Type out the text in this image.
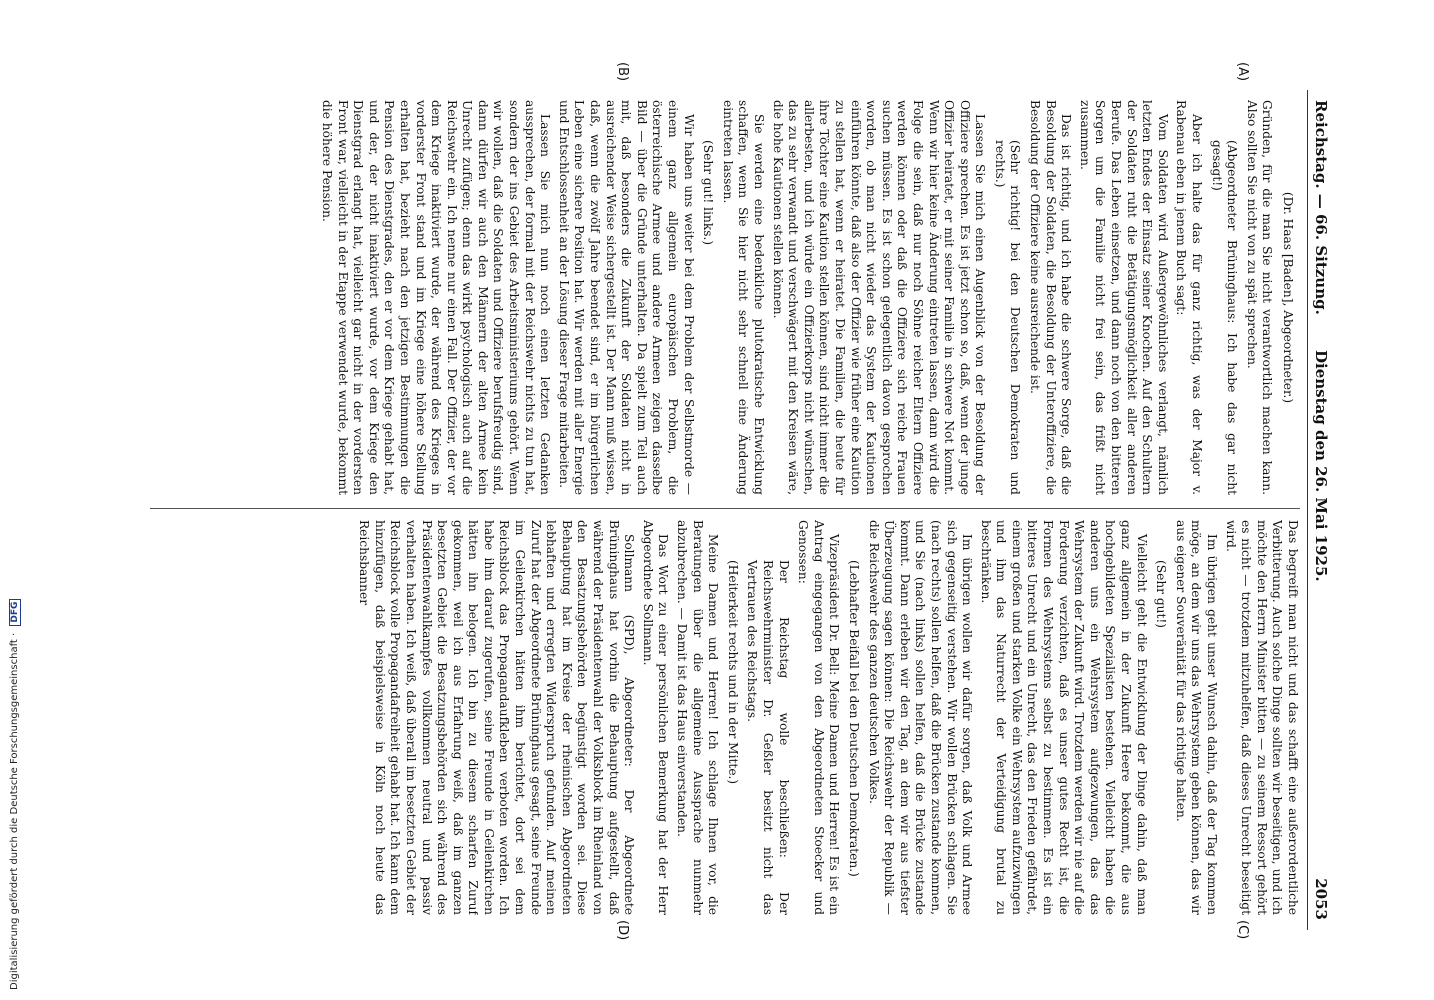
Digitalisierung gefördert durch die Deutsche Forschungsgemeinschaft · DFG
Reichstag. — 66. Sitzung.
Dienstag den 26. Mai 1925.
2053

(Dr. Haas [Baden], Abgeordneter.)

Gründen, für die man Sie nicht verantwortlich machen kann. Also sollten Sie nicht von zu spät sprechen.

(Abgeordneter Brüninghaus: Ich habe das gar nicht gesagt!)

Aber ich halte das für ganz richtig, was der Major v. Rabenau eben in jenem Buch sagt:

Vom Soldaten wird Außergewöhnliches verlangt, nämlich letzten Endes der Einsatz seiner Knochen. Auf den Schultern der Soldaten ruht die Betätigungsmöglichkeit aller anderen Berufe. Das Leben einsetzen, und dann noch von den bitteren Sorgen um die Familie nicht frei sein, das frißt nicht zusammen.

Das ist richtig, und ich habe die schwere Sorge, daß die Besoldung der Soldaten, die Besoldung der Unteroffiziere, die Besoldung der Offiziere keine ausreichende ist.

(Sehr richtig! bei den Deutschen Demokraten und rechts.)

Lassen Sie mich einen Augenblick von der Besoldung der Offiziere sprechen. Es ist jetzt schon so, daß, wenn der junge Offizier heiratet, er mit seiner Familie in schwere Not kommt. Wenn wir hier keine Änderung eintreten lassen, dann wird die Folge die sein, daß nur noch Söhne reicher Eltern Offiziere werden können oder daß die Offiziere sich reiche Frauen suchen müssen. Es ist schon gelegentlich davon gesprochen worden, ob man nicht wieder das System der Kautionen einführen könnte, daß also der Offizier wie früher eine Kaution zu stellen hat, wenn er heiratet. Die Familien, die heute für ihre Töchter eine Kaution stellen können, sind nicht immer die allerbesten, und ich würde ein Offizierkorps nicht wünschen, das zu sehr verwandt und verschwägert mit den Kreisen wäre, die hohe Kautionen stellen können.

Sie werden eine bedenkliche plutokratische Entwicklung schaffen, wenn Sie hier nicht sehr schnell eine Änderung eintreten lassen.

(Sehr gut! links.)

Wir haben uns weiter bei dem Problem der Selbstmorde — einem ganz allgemein europäischen Problem, die österreichische Armee und andere Armeen zeigen dasselbe Bild — über die Gründe unterhalten. Da spielt zum Teil auch mit, daß besonders die Zukunft der Soldaten nicht in ausreichender Weise sichergestellt ist. Der Mann muß wissen, daß, wenn die zwölf Jahre beendet sind, er im bürgerlichen Leben eine sichere Position hat. Wir werden mit aller Energie und Entschlossenheit an der Lösung dieser Frage mitarbeiten.

Lassen Sie mich nun noch einen letzten Gedanken aussprechen, der formal mit der Reichswehr nichts zu tun hat, sondern der ins Gebiet des Arbeitsministeriums gehört. Wenn wir wollen, daß die Soldaten und Offiziere berufsfreudig sind, dann dürfen wir auch den Männern der alten Armee kein Unrecht zufügen; denn das wirkt psychologisch auch auf die Reichswehr ein. Ich nenne nur einen Fall. Der Offizier, der vor dem Kriege inaktiviert wurde, der während des Krieges in vorderster Front stand und im Kriege eine höhere Stellung erhalten hat, bezieht nach den jetzigen Bestimmungen die Pension des Dienstgrades, den er vor dem Kriege gehabt hat, und der, der nicht inaktiviert wurde, vor dem Kriege den Dienstgrad erlangt hat, vielleicht gar nicht in der vordersten Front war, vielleicht in der Etappe verwendet wurde, bekommt die höhere Pension.

Das begreift man nicht und das schafft eine außerordentliche Verbitterung. Auch solche Dinge sollten wir beseitigen, und ich möchte den Herrn Minister bitten — zu seinem Ressort gehört es nicht — trotzdem mitzuhelfen, daß dieses Unrecht beseitigt wird.

Im übrigen geht unser Wunsch dahin, daß der Tag kommen möge, an dem wir uns das Wehrsystem geben können, das wir aus eigener Souveränität für das richtige halten.

(Sehr gut!)

Vielleicht geht die Entwicklung der Dinge dahin, daß man ganz allgemein in der Zukunft Heere bekommt, die aus hochgebildeten Spezialisten bestehen. Vielleicht haben die anderen uns ein Wehrsystem aufgezwungen, das das Wehrsystem der Zukunft wird. Trotzdem werden wir nie auf die Forderung verzichten, daß es unser gutes Recht ist, die Formen des Wehrsystems selbst zu bestimmen. Es ist ein bitteres Unrecht und ein Unrecht, das den Frieden gefährdet, einem großen und starken Volke ein Wehrsystem aufzuzwingen und ihm das Naturrecht der Verteidigung brutal zu beschränken.

Im übrigen wollen wir dafür sorgen, daß Volk und Armee sich gegenseitig verstehen. Wir wollen Brücken schlagen. Sie (nach rechts) sollen helfen, daß die Brücken zustande kommen, und Sie (nach links) sollen helfen, daß die Brücke zustande kommt. Dann erleben wir den Tag, an dem wir aus tiefster Überzeugung sagen können: Die Reichswehr der Republik — die Reichswehr des ganzen deutschen Volkes.

(Lebhafter Beifall bei den Deutschen Demokraten.)

Vizepräsident Dr. Bell: Meine Damen und Herren! Es ist ein Antrag eingegangen von den Abgeordneten Stoecker und Genossen:

Der Reichstag wolle beschließen: Der Reichswehrminister Dr. Geßler besitzt nicht das Vertrauen des Reichstags.

(Heiterkeit rechts und in der Mitte.)

Meine Damen und Herren! Ich schlage Ihnen vor, die Beratungen über die allgemeine Aussprache nunmehr abzubrechen. — Damit ist das Haus einverstanden.

Das Wort zu einer persönlichen Bemerkung hat der Herr Abgeordnete Sollmann.

Sollmann (SPD), Abgeordneter: Der Abgeordnete Brüninghaus hat vorhin die Behauptung aufgestellt, daß während der Präsidentenwahl der Volksblock im Rheinland von den Besatzungsbehörden begünstigt worden sei. Diese Behauptung hat im Kreise der rheinischen Abgeordneten lebhaften und erregten Widerspruch gefunden. Auf meinen Zuruf hat der Abgeordnete Brüninghaus gesagt, seine Freunde im Geilenkirchen hätten ihm berichtet, dort sei dem Reichsblock das Propagandaufkleben verboten worden. Ich habe ihm darauf zugerufen, seine Freunde in Geilenkirchen hätten ihn belogen. Ich bin zu diesem scharfen Zuruf gekommen, weil ich aus Erfahrung weiß, daß im ganzen besetzten Gebiet die Besatzungsbehörden sich während des Präsidentenwahlkampfes vollkommen neutral und passiv verhalten haben. Ich weiß, daß überall im besetzten Gebiet der Reichsblock volle Propagandafreiheit gehabt hat. Ich kann dem hinzufügen, daß beispielsweise in Köln noch heute das Reichsbanner

(A)
(B)
(C)
(D)
